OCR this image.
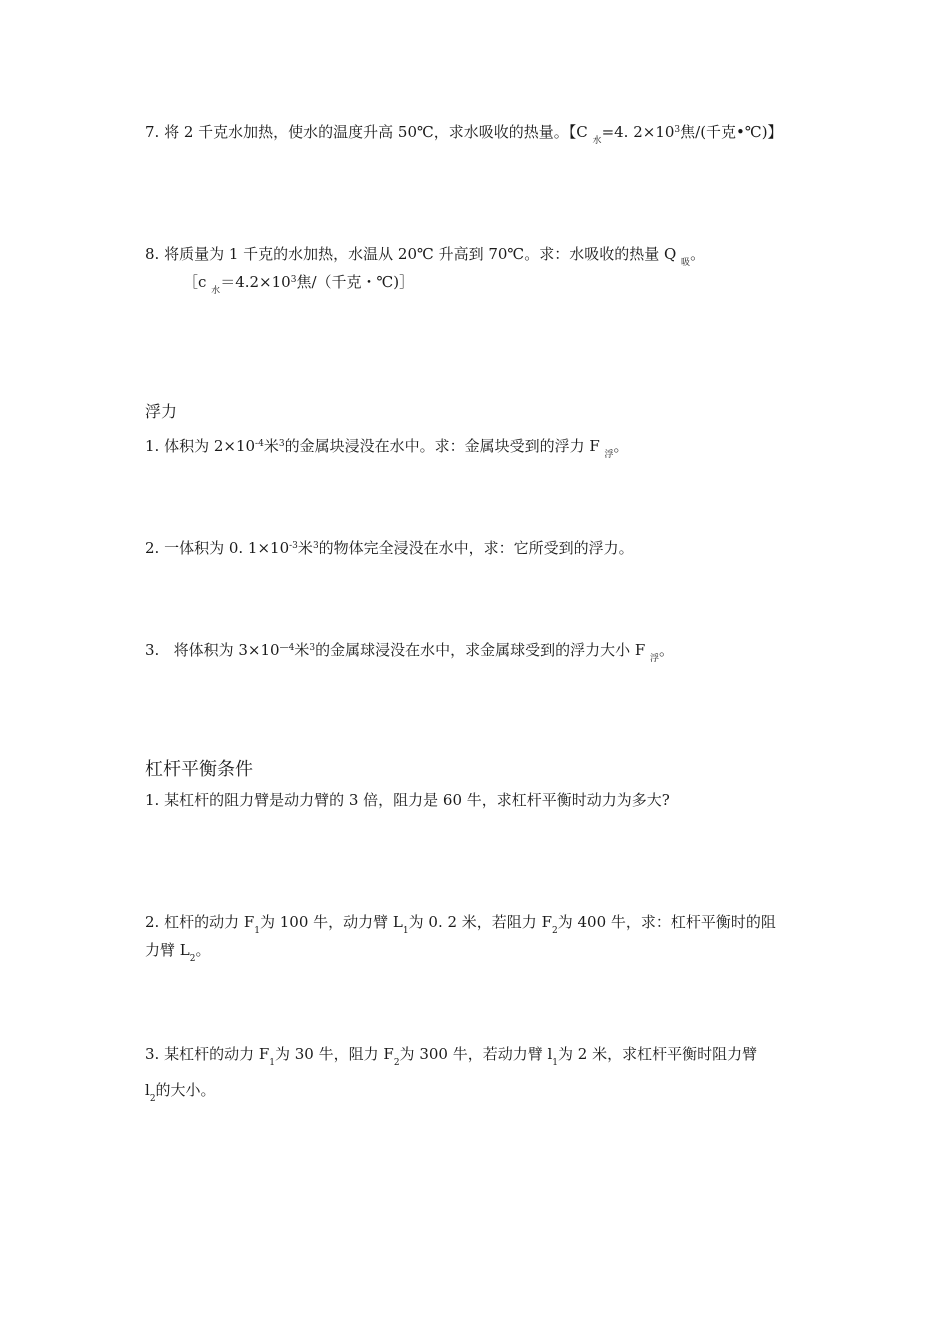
7. 将 2 千克水加热，使水的温度升高 50℃，求水吸收的热量。【C $_水$=4. $2\times 10^3$焦/(千克•℃)】
8. 将质量为 1 千克的水加热，水温从 20℃ 升高到 70℃。求：水吸收的热量 Q $_吸$。
［c $_水=4.2\times 10^3$焦/（千克・℃)］
浮力
1. 体积为 $2\times 10^{-4}$米$^3$的金属块浸没在水中。求：金属块受到的浮力 F $_浮$。
2. 一体积为 0. $1\times 10^{-3}$米$^3$的物体完全浸没在水中，求：它所受到的浮力。
3.   将体积为 $3\times 10^{—4}$米$^3$的金属球浸没在水中，求金属球受到的浮力大小 F $_浮$。
杠杆平衡条件
1. 某杠杆的阻力臂是动力臂的 3 倍，阻力是 60 牛，求杠杆平衡时动力为多大?
2. 杠杆的动力 $F_1$为 100 牛，动力臂 $L_1$为 0. 2 米，若阻力 $F_2$为 400 牛，求：杠杆平衡时的阻
力臂 $L_2$。
3. 某杠杆的动力 $F_1$为 30 牛，阻力 $F_2$为 300 牛，若动力臂 $l_1$为 2 米，求杠杆平衡时阻力臂
$l_2$的大小。
